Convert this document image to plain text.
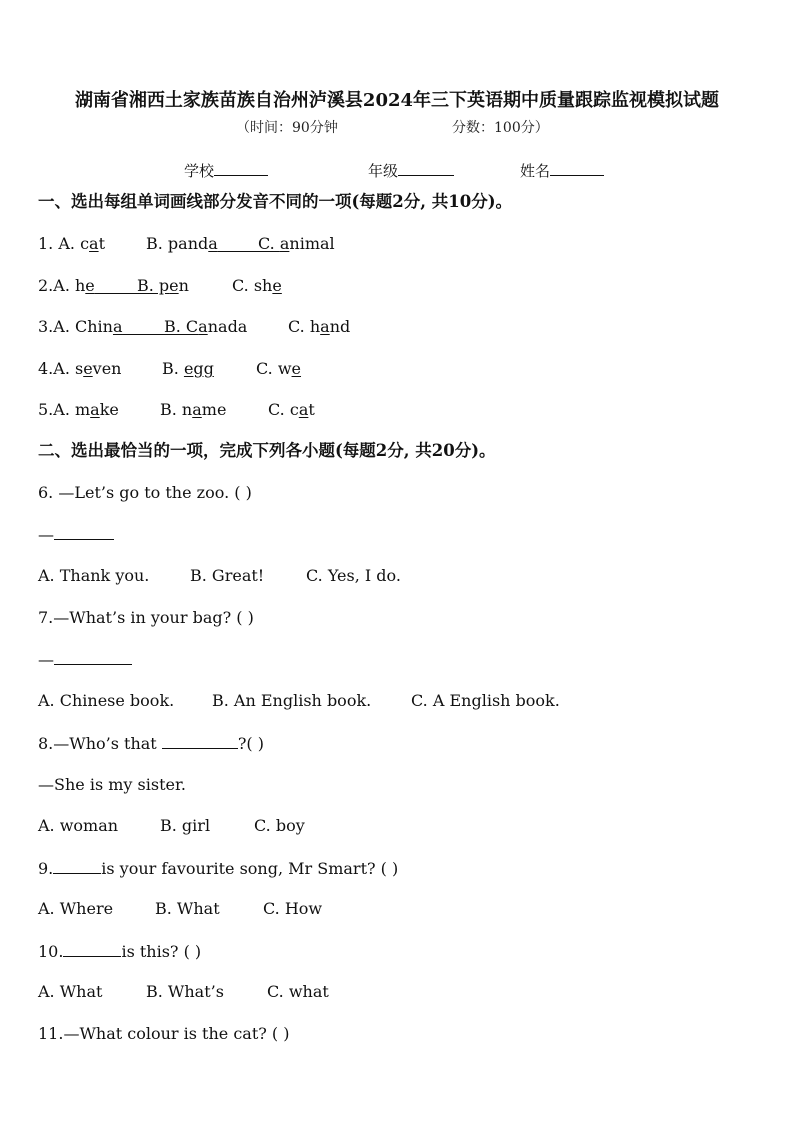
湖南省湘西土家族苗族自治州泸溪县2024年三下英语期中质量跟踪监视模拟试题
（时间：90分钟	分数：100分）
学校	年级	姓名
一、选出每组单词画线部分发音不同的一项(每题2分, 共10分)。
1. A. cat	B. panda     	C. animal
2.A. he     	B. pen	C. she
3.A. China     	B. Canada	C. hand
4.A. seven	B. egg	C. we
5.A. make	B. name	C. cat
二、选出最恰当的一项，完成下列各小题(每题2分, 共20分)。
6. —Let’s go to the zoo. ( )
—
A. Thank you.	B. Great!	C. Yes, I do.
7.—What’s in your bag? ( )
—
A. Chinese book. B. An English book. C. A English book.
8.—Who’s that	?( )
—She is my sister.
A. woman	B. girl	C. boy
9.	is your favourite song, Mr Smart? ( )
A. Where	B. What	C. How
10.	is this? ( )
A. What	B. What’s	C. what
11.—What colour is the cat? ( )
